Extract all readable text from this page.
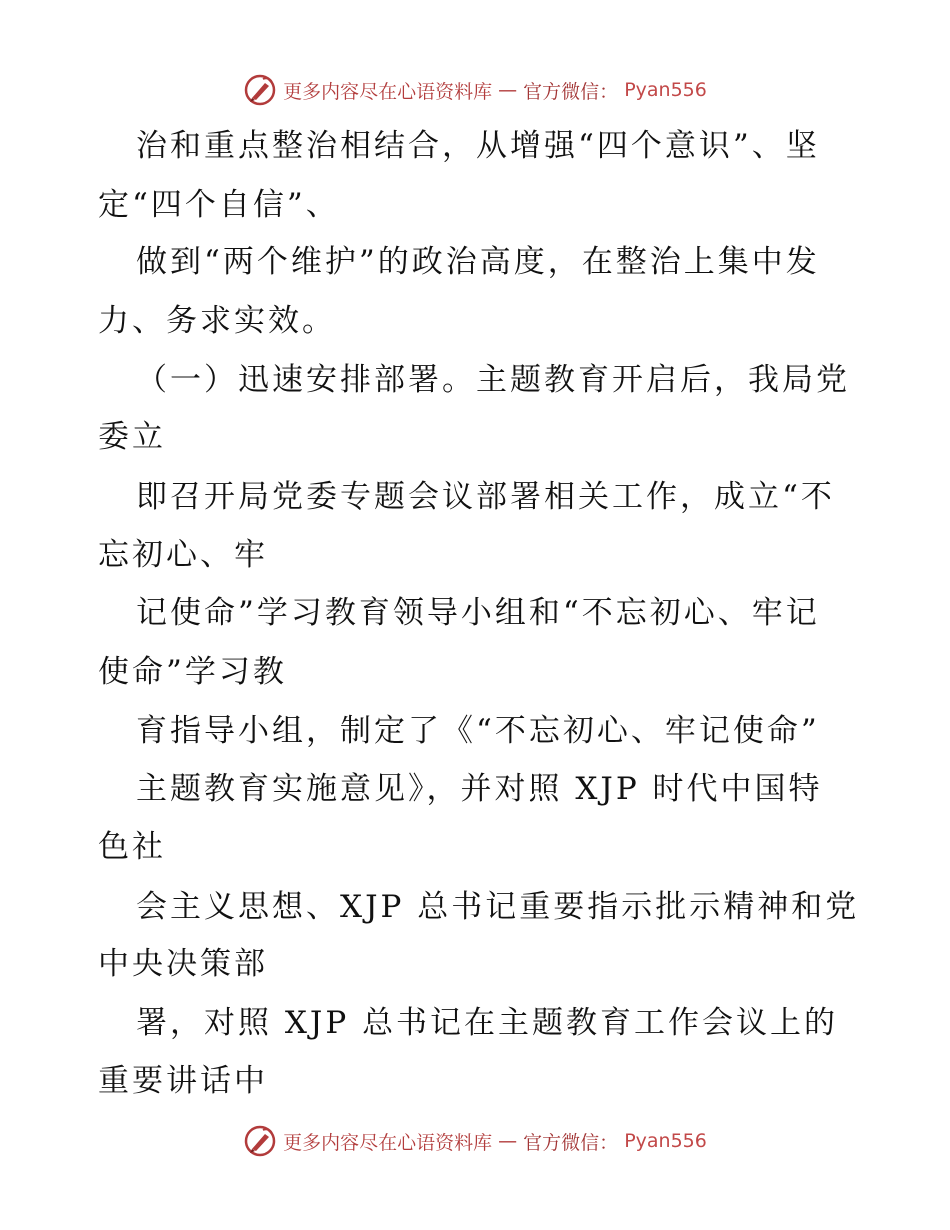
更多内容尽在心语资料库 — 官方微信： Pyan556
治和重点整治相结合，从增强“四个意识”、坚
定“四个自信”、
做到“两个维护”的政治高度，在整治上集中发
力、务求实效。
（一）迅速安排部署。主题教育开启后，我局党
委立
即召开局党委专题会议部署相关工作，成立“不
忘初心、牢
记使命”学习教育领导小组和“不忘初心、牢记
使命”学习教
育指导小组，制定了《“不忘初心、牢记使命”
主题教育实施意见》，并对照 XJP 时代中国特
色社
会主义思想、XJP 总书记重要指示批示精神和党
中央决策部
署，对照 XJP 总书记在主题教育工作会议上的
重要讲话中
更多内容尽在心语资料库 — 官方微信： Pyan556
